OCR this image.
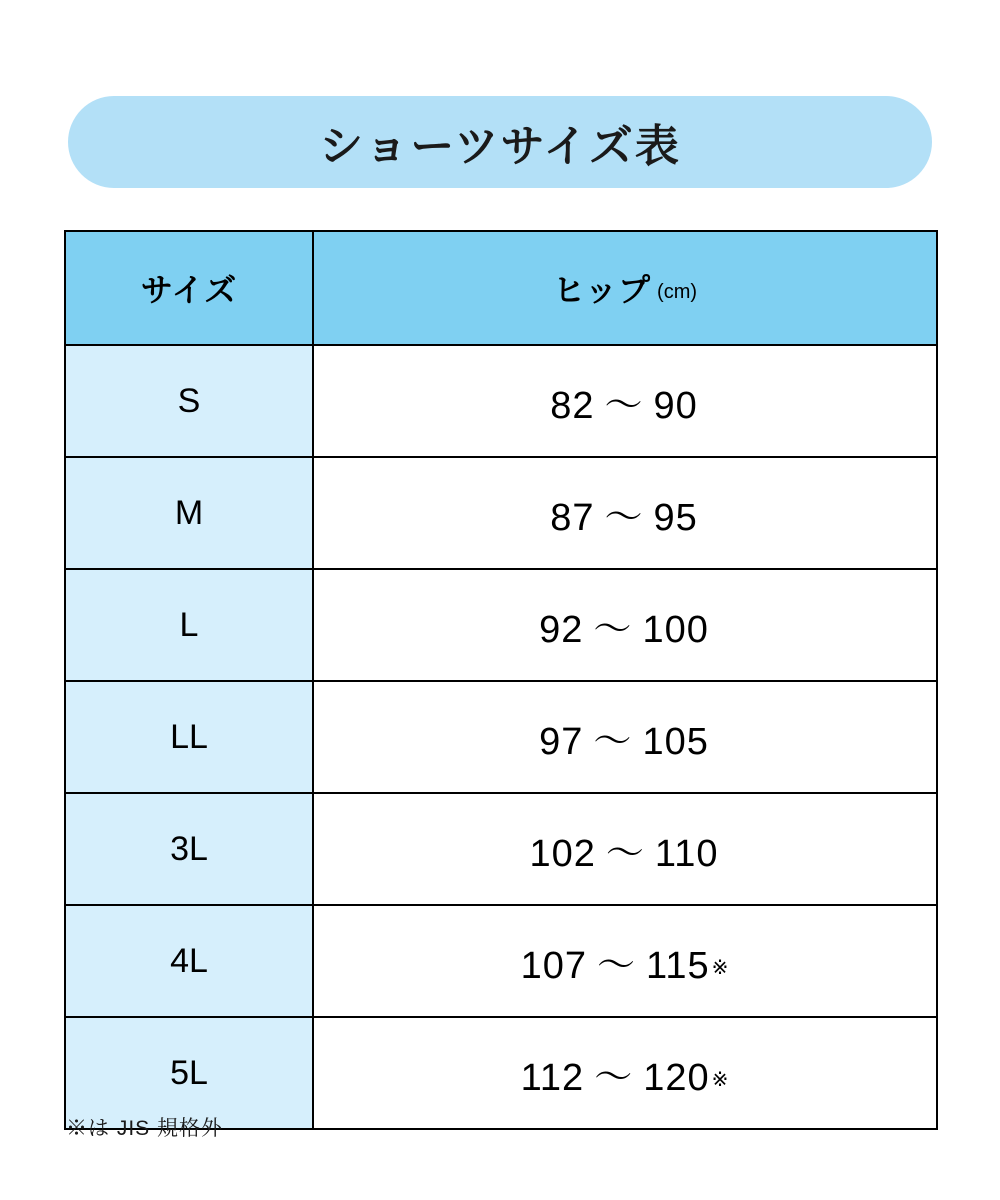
ショーツサイズ表
サイズ	ヒップ (cm)
S	82 〜 90
M	87 〜 95
L	92 〜 100
LL	97 〜 105
3L	102 〜 110
4L	107 〜 115 ※
5L	112 〜 120 ※
※は JIS 規格外
